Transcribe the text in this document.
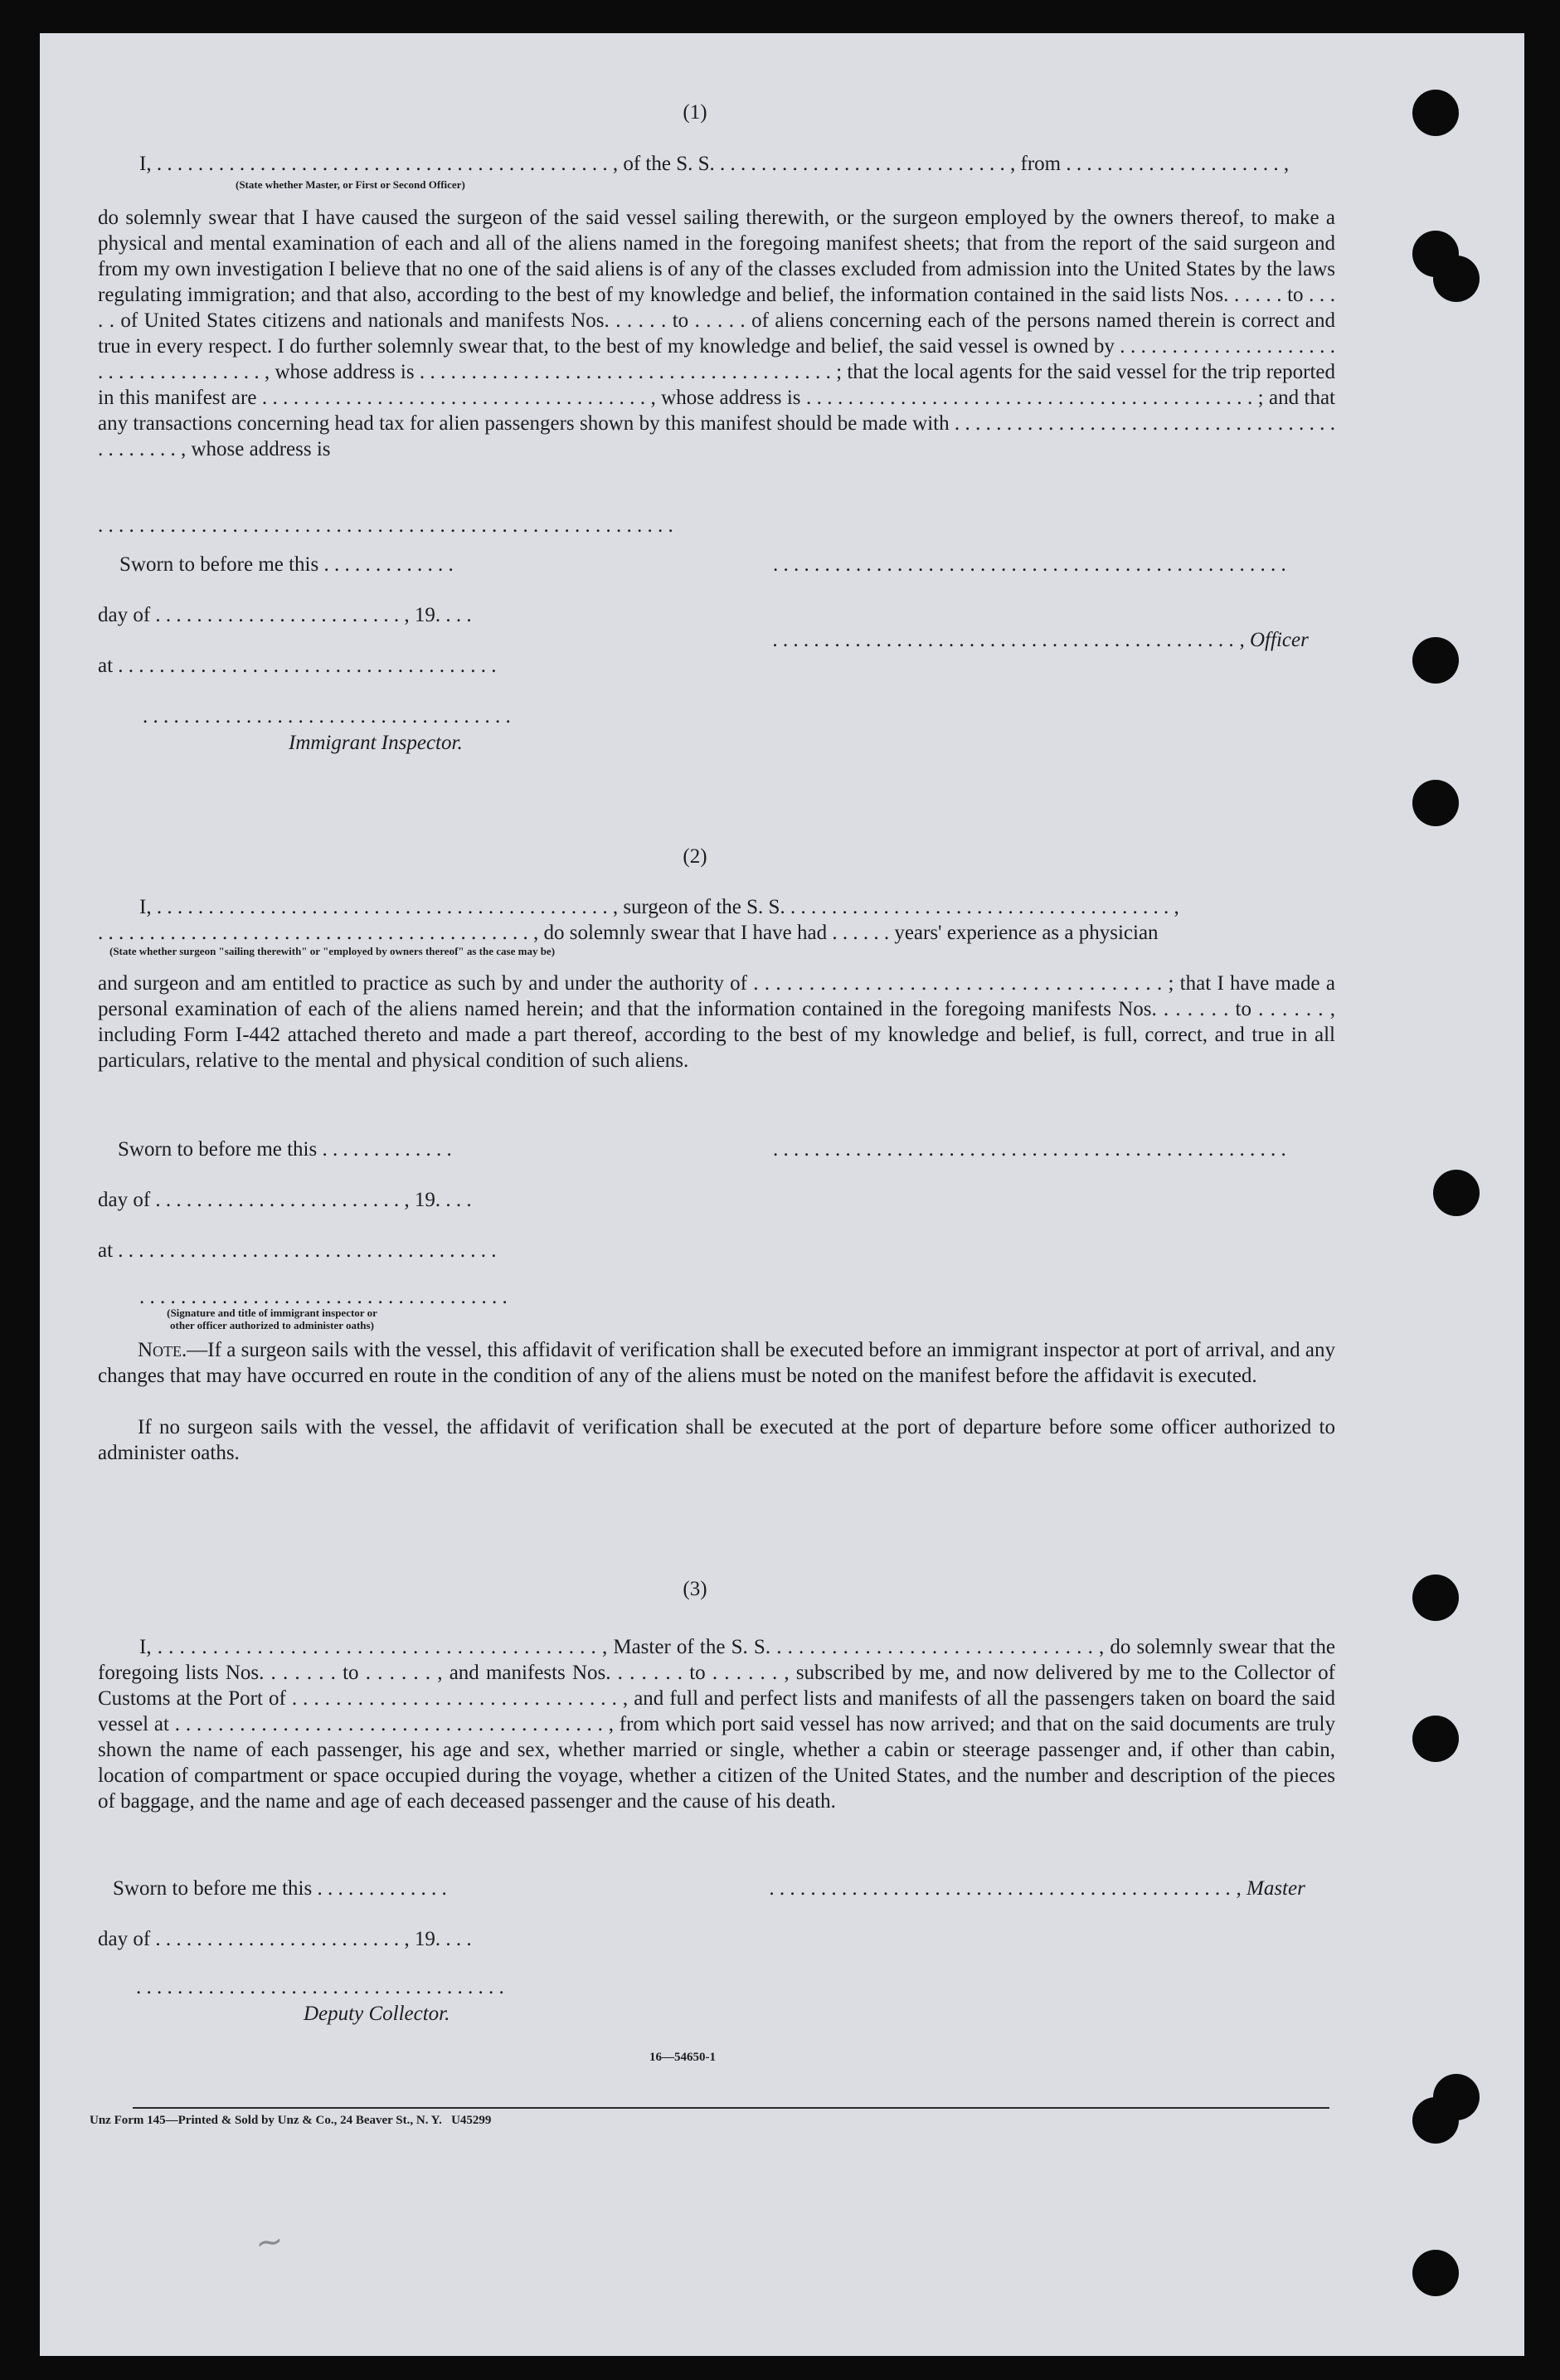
(1)
I, . . . . . . . . . . . . . . . . . . . . . . . . . . . . . . . . . . . . . . . . . . . . , of the S. S. . . . . . . . . . . . . . . . . . . . . . . . . . . . . , from . . . . . . . . . . . . . . . . . . . . . ,
(State whether Master, or First or Second Officer)
do solemnly swear that I have caused the surgeon of the said vessel sailing therewith, or the surgeon employed by the owners thereof, to make a physical and mental examination of each and all of the aliens named in the foregoing manifest sheets; that from the report of the said surgeon and from my own investigation I believe that no one of the said aliens is of any of the classes excluded from admission into the United States by the laws regulating immigration; and that also, according to the best of my knowledge and belief, the information contained in the said lists Nos. . . . . . to . . . . . of United States citizens and nationals and manifests Nos. . . . . . to . . . . . of aliens concerning each of the persons named therein is correct and true in every respect. I do further solemnly swear that, to the best of my knowledge and belief, the said vessel is owned by . . . . . . . . . . . . . . . . . . . . . . . . . . . . . . . . . . . . . , whose address is . . . . . . . . . . . . . . . . . . . . . . . . . . . . . . . . . . . . . . . . ; that the local agents for the said vessel for the trip reported in this manifest are . . . . . . . . . . . . . . . . . . . . . . . . . . . . . . . . . . . . . , whose address is . . . . . . . . . . . . . . . . . . . . . . . . . . . . . . . . . . . . . . . . . . . ; and that any transactions concerning head tax for alien passengers shown by this manifest should be made with . . . . . . . . . . . . . . . . . . . . . . . . . . . . . . . . . . . . . . . . . . . . . , whose address is
. . . . . . . . . . . . . . . . . . . . . . . . . . . . . . . . . . . . . . . . . . . . . . . . . . . . . . . .
Sworn to before me this . . . . . . . . . . . . .	. . . . . . . . . . . . . . . . . . . . . . . . . . . . . . . . . . . . . . . . . . . . . . . . . .
day of . . . . . . . . . . . . . . . . . . . . . . . . , 19. . . .
. . . . . . . . . . . . . . . . . . . . . . . . . . . . . . . . . . . . . . . . . . . . . , Officer
at . . . . . . . . . . . . . . . . . . . . . . . . . . . . . . . . . . . . .
. . . . . . . . . . . . . . . . . . . . . . . . . . . . . . . . . . . .
Immigrant Inspector.
(2)
I, . . . . . . . . . . . . . . . . . . . . . . . . . . . . . . . . . . . . . . . . . . . . , surgeon of the S. S. . . . . . . . . . . . . . . . . . . . . . . . . . . . . . . . . . . . . . ,
. . . . . . . . . . . . . . . . . . . . . . . . . . . . . . . . . . . . . . . . . . , do solemnly swear that I have had . . . . . . years' experience as a physician
(State whether surgeon "sailing therewith" or "employed by owners thereof" as the case may be)
and surgeon and am entitled to practice as such by and under the authority of . . . . . . . . . . . . . . . . . . . . . . . . . . . . . . . . . . . . . ; that I have made a personal examination of each of the aliens named herein; and that the information contained in the foregoing manifests Nos. . . . . . . to . . . . . . , including Form I-442 attached thereto and made a part thereof, according to the best of my knowledge and belief, is full, correct, and true in all particulars, relative to the mental and physical condition of such aliens.
Sworn to before me this . . . . . . . . . . . . .	. . . . . . . . . . . . . . . . . . . . . . . . . . . . . . . . . . . . . . . . . . . . . . . . . .
day of . . . . . . . . . . . . . . . . . . . . . . . . , 19. . . .
at . . . . . . . . . . . . . . . . . . . . . . . . . . . . . . . . . . . . .
. . . . . . . . . . . . . . . . . . . . . . . . . . . . . . . . . . . .
(Signature and title of immigrant inspector or
other officer authorized to administer oaths)
Note.—If a surgeon sails with the vessel, this affidavit of verification shall be executed before an immigrant inspector at port of arrival, and any changes that may have occurred en route in the condition of any of the aliens must be noted on the manifest before the affidavit is executed.
If no surgeon sails with the vessel, the affidavit of verification shall be executed at the port of departure before some officer authorized to administer oaths.
(3)
I, . . . . . . . . . . . . . . . . . . . . . . . . . . . . . . . . . . . . . . . . , Master of the S. S. . . . . . . . . . . . . . . . . . . . . . . . . . . . . . , do solemnly swear that the foregoing lists Nos. . . . . . . to . . . . . . , and manifests Nos. . . . . . . to . . . . . . , subscribed by me, and now delivered by me to the Collector of Customs at the Port of . . . . . . . . . . . . . . . . . . . . . . . . . . . . . . , and full and perfect lists and manifests of all the passengers taken on board the said vessel at . . . . . . . . . . . . . . . . . . . . . . . . . . . . . . . . . . . . . . . . , from which port said vessel has now arrived; and that on the said documents are truly shown the name of each passenger, his age and sex, whether married or single, whether a cabin or steerage passenger and, if other than cabin, location of compartment or space occupied during the voyage, whether a citizen of the United States, and the number and description of the pieces of baggage, and the name and age of each deceased passenger and the cause of his death.
Sworn to before me this . . . . . . . . . . . . .	. . . . . . . . . . . . . . . . . . . . . . . . . . . . . . . . . . . . . . . . . . . . . , Master
day of . . . . . . . . . . . . . . . . . . . . . . . . , 19. . . .
. . . . . . . . . . . . . . . . . . . . . . . . . . . . . . . . . . . .
Deputy Collector.
16—54650-1
Unz Form 145—Printed & Sold by Unz & Co., 24 Beaver St., N. Y.   U45299
~
